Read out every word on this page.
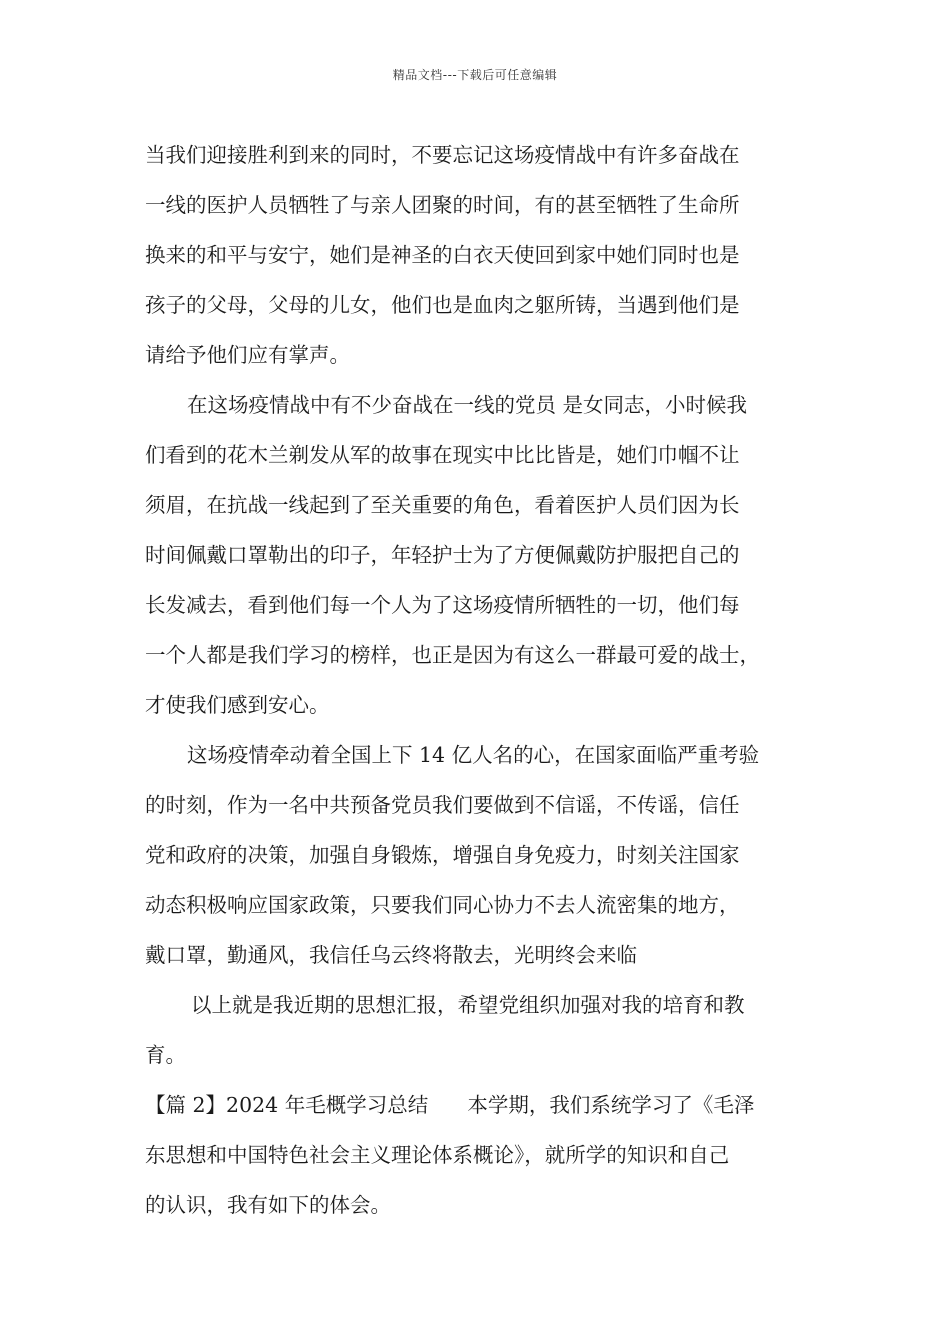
精品文档---下载后可任意编辑
当我们迎接胜利到来的同时，不要忘记这场疫情战中有许多奋战在
一线的医护人员牺牲了与亲人团聚的时间，有的甚至牺牲了生命所
换来的和平与安宁，她们是神圣的白衣天使回到家中她们同时也是
孩子的父母，父母的儿女，他们也是血肉之躯所铸，当遇到他们是
请给予他们应有掌声。
在这场疫情战中有不少奋战在一线的党员 是女同志，小时候我
们看到的花木兰剃发从军的故事在现实中比比皆是，她们巾帼不让
须眉，在抗战一线起到了至关重要的角色，看着医护人员们因为长
时间佩戴口罩勒出的印子，年轻护士为了方便佩戴防护服把自己的
长发减去，看到他们每一个人为了这场疫情所牺牲的一切，他们每
一个人都是我们学习的榜样，也正是因为有这么一群最可爱的战士，
才使我们感到安心。
这场疫情牵动着全国上下 14 亿人名的心，在国家面临严重考验
的时刻，作为一名中共预备党员我们要做到不信谣，不传谣，信任
党和政府的决策，加强自身锻炼，增强自身免疫力，时刻关注国家
动态积极响应国家政策，只要我们同心协力不去人流密集的地方，
戴口罩，勤通风，我信任乌云终将散去，光明终会来临
以上就是我近期的思想汇报，希望党组织加强对我的培育和教
育。
【篇 2】2024 年毛概学习总结      本学期，我们系统学习了《毛泽
东思想和中国特色社会主义理论体系概论》，就所学的知识和自己
的认识，我有如下的体会。
